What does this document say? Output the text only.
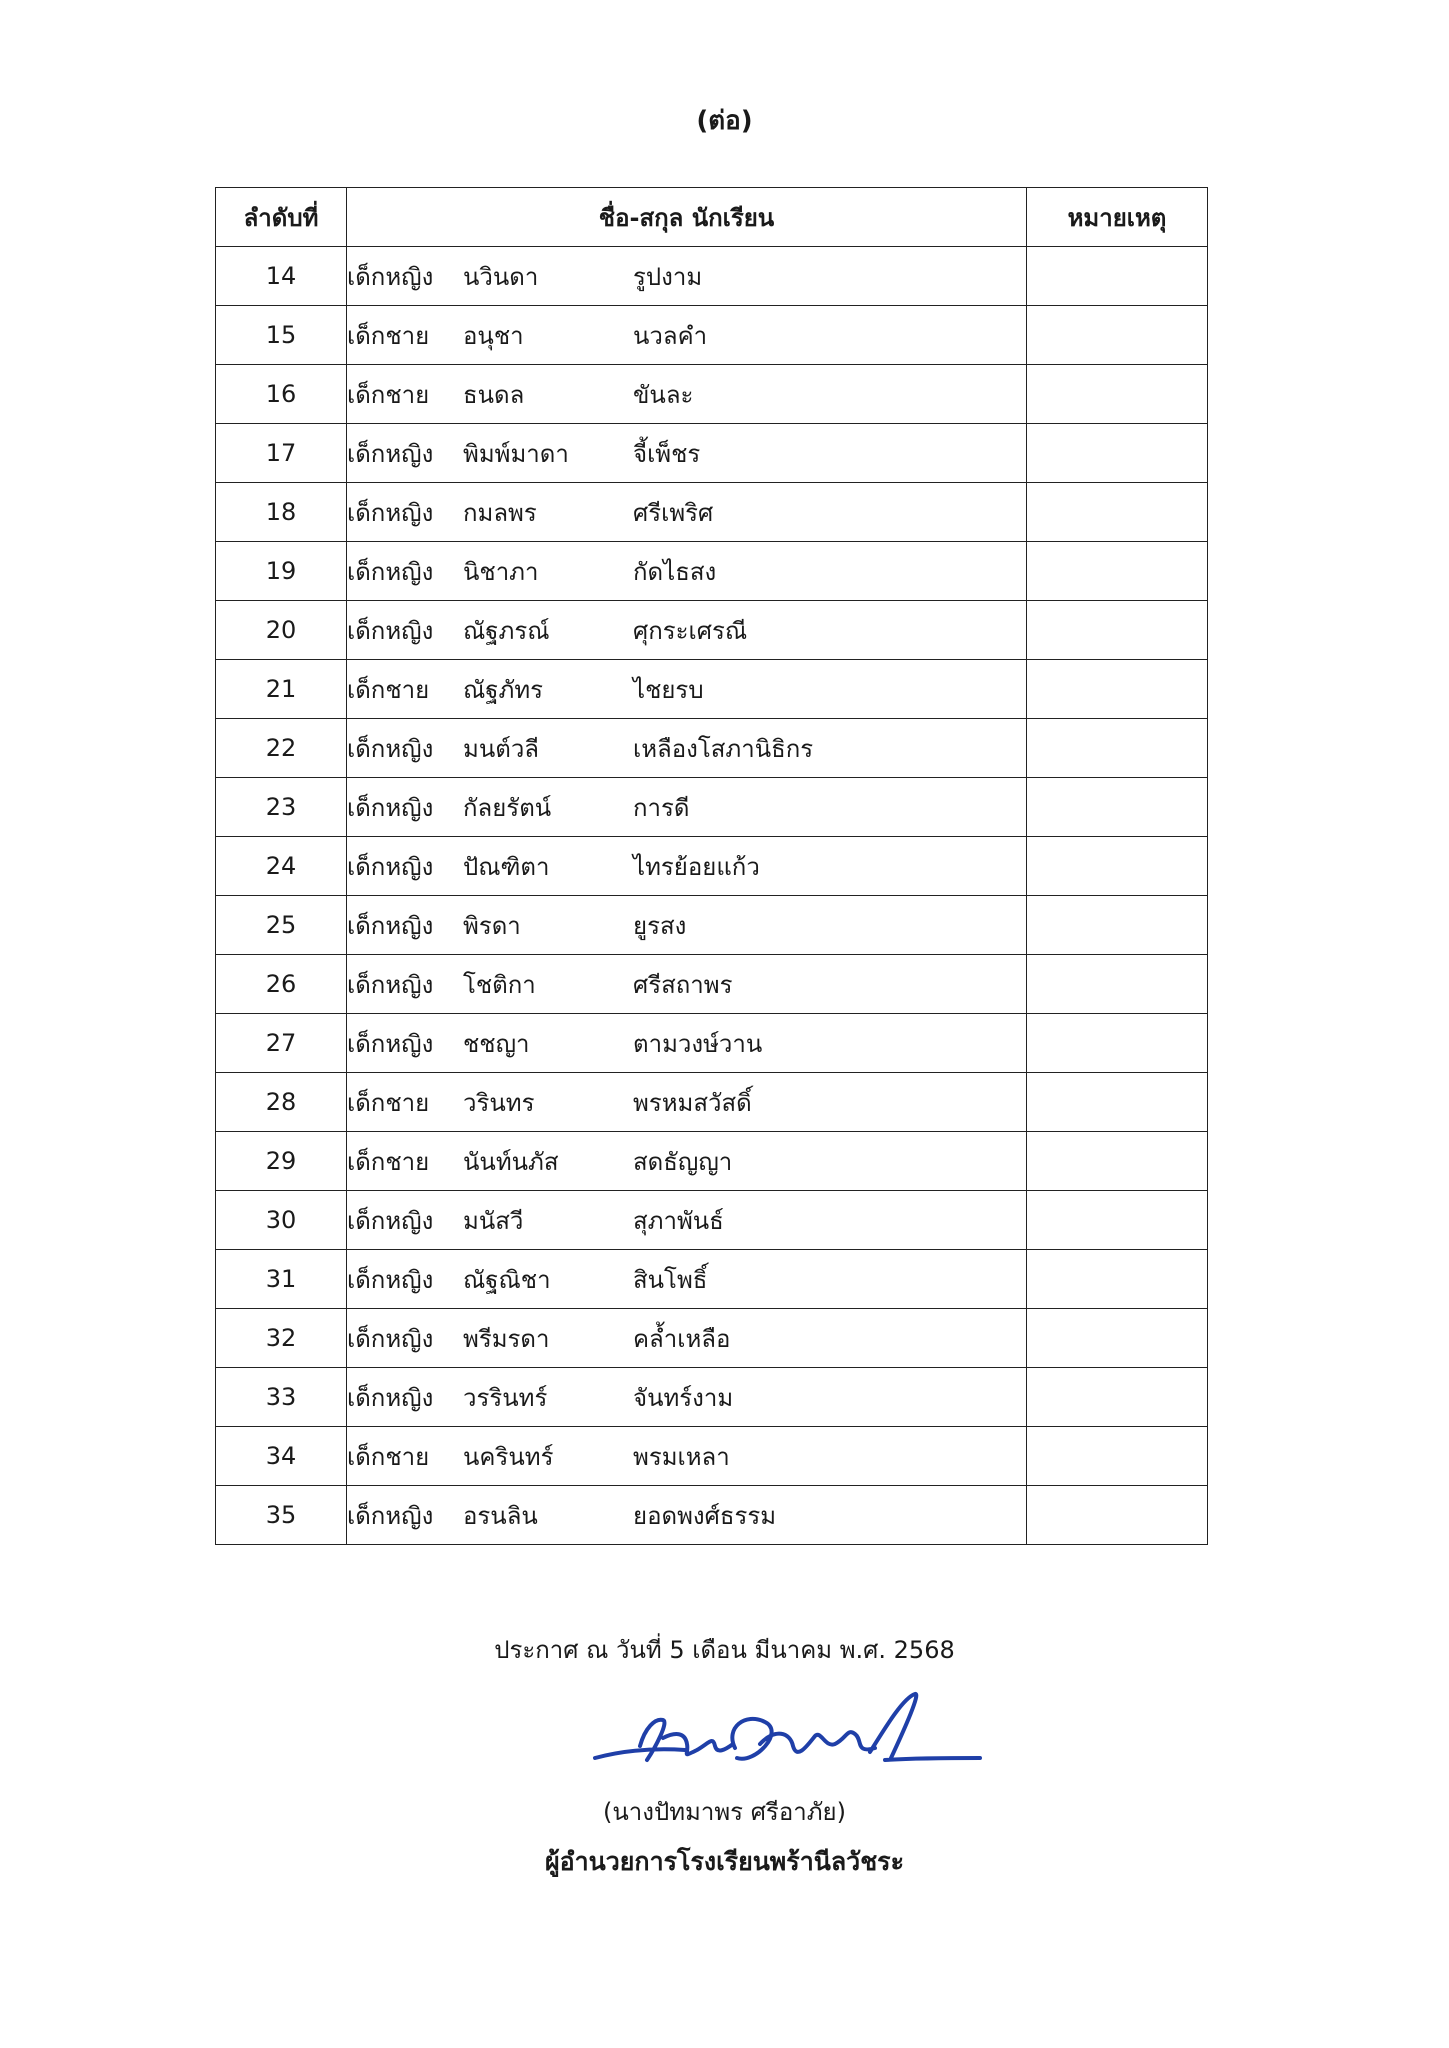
(ต่อ)
ลำดับที่	ชื่อ-สกุล นักเรียน	หมายเหตุ
14	เด็กหญิง นวินดา รูปงาม	
15	เด็กชาย อนุชา นวลคำ	
16	เด็กชาย ธนดล ขันละ	
17	เด็กหญิง พิมพ์มาดา จี้เพ็ชร	
18	เด็กหญิง กมลพร ศรีเพริศ	
19	เด็กหญิง นิชาภา กัดไธสง	
20	เด็กหญิง ณัฐภรณ์ ศุกระเศรณี	
21	เด็กชาย ณัฐภัทร ไชยรบ	
22	เด็กหญิง มนต์วลี เหลืองโสภานิธิกร	
23	เด็กหญิง กัลยรัตน์ การดี	
24	เด็กหญิง ปัณฑิตา ไทรย้อยแก้ว	
25	เด็กหญิง พิรดา ยูรสง	
26	เด็กหญิง โชติกา ศรีสถาพร	
27	เด็กหญิง ชชญา ตามวงษ์วาน	
28	เด็กชาย วรินทร พรหมสวัสดิ์	
29	เด็กชาย นันท์นภัส สดธัญญา	
30	เด็กหญิง มนัสวี สุภาพันธ์	
31	เด็กหญิง ณัฐณิชา สินโพธิ์	
32	เด็กหญิง พรีมรดา คล้ำเหลือ	
33	เด็กหญิง วรรินทร์ จันทร์งาม	
34	เด็กชาย นครินทร์ พรมเหลา	
35	เด็กหญิง อรนลิน ยอดพงศ์ธรรม	
ประกาศ ณ วันที่ 5 เดือน มีนาคม พ.ศ. 2568
(นางปัทมาพร ศรีอาภัย)
ผู้อำนวยการโรงเรียนพร้านีลวัชระ
